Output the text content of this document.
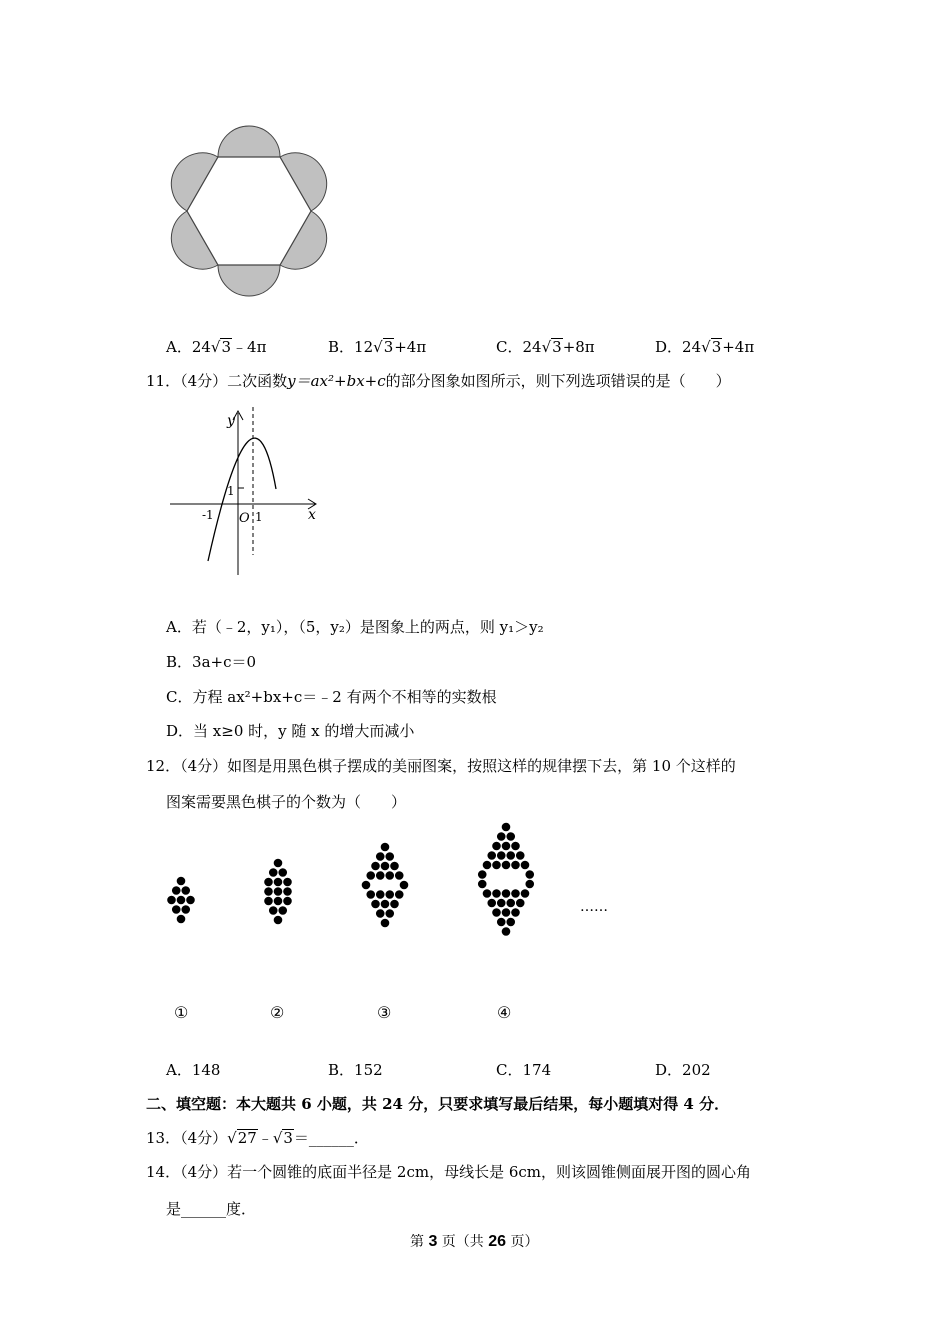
A．24√3﹣4π	B．12√3+4π	C．24√3+8π	D．24√3+4π
11．（4分）二次函数y＝ax²+bx+c的部分图象如图所示，则下列选项错误的是（　　）
y
x
1
-1 O 1
A．若（﹣2，y₁），（5，y₂）是图象上的两点，则 y₁＞y₂
B．3a+c＝0
C．方程 ax²+bx+c＝﹣2 有两个不相等的实数根
D．当 x≥0 时，y 随 x 的增大而减小
12．（4分）如图是用黑色棋子摆成的美丽图案，按照这样的规律摆下去，第 10 个这样的
图案需要黑色棋子的个数为（　　）
……
①	②	③	④
A．148	B．152	C．174	D．202
二、填空题：本大题共 6 小题，共 24 分，只要求填写最后结果，每小题填对得 4 分．
13．（4分）√27﹣√3＝______．
14．（4分）若一个圆锥的底面半径是 2cm，母线长是 6cm，则该圆锥侧面展开图的圆心角
是______度．
第 3 页（共 26 页）
